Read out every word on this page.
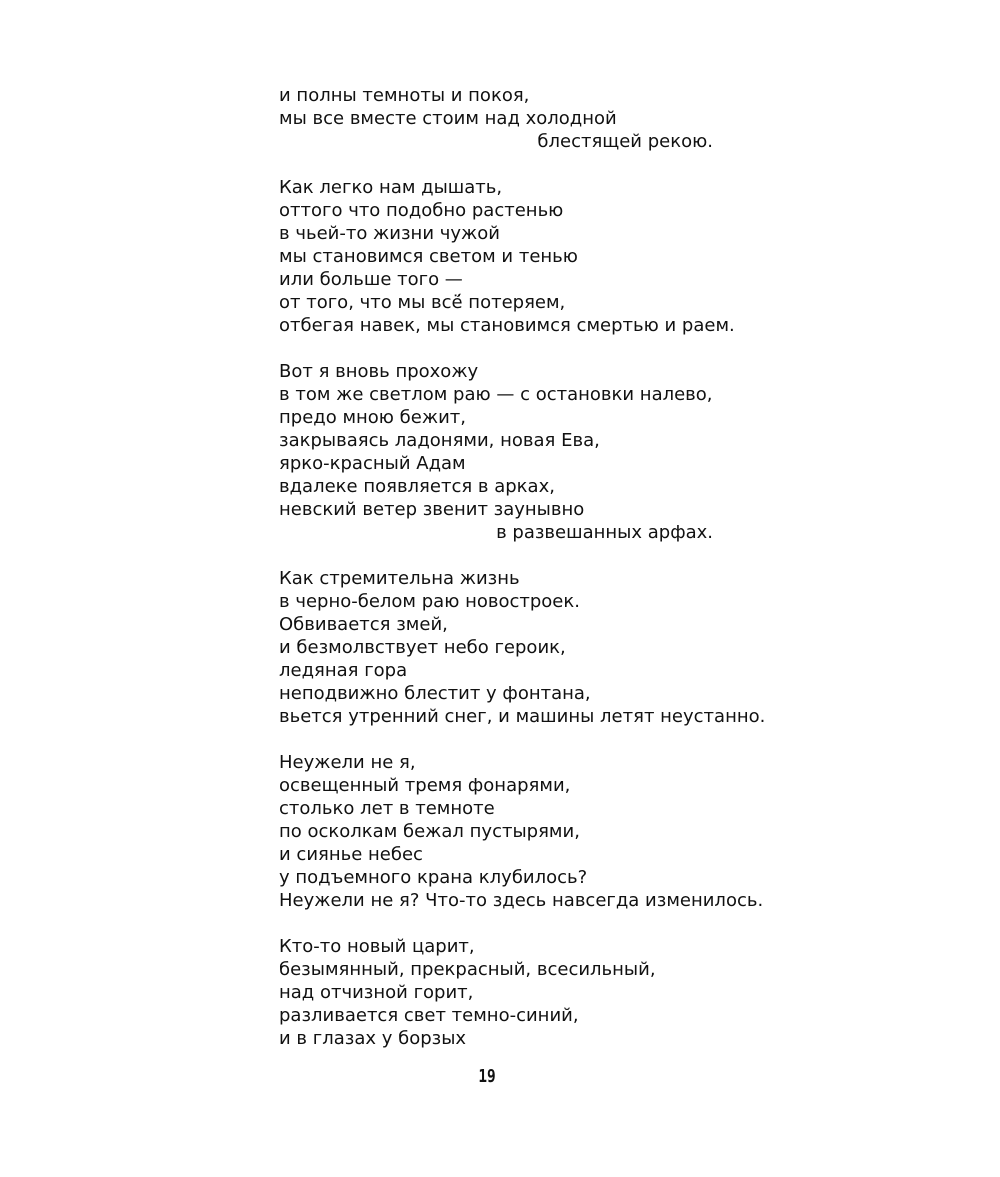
и полны темноты и покоя,
мы все вместе стоим над холодной
блестящей рекою.
Как легко нам дышать,
оттого что подобно растенью
в чьей-то жизни чужой
мы становимся светом и тенью
или больше того —
от того, что мы всё́ потеряем,
отбегая навек, мы становимся смертью и раем.
Вот я вновь прохожу
в том же светлом раю — с остановки налево,
предо мною бежит,
закрываясь ладонями, новая Ева,
ярко-красный Адам
вдалеке появляется в арках,
невский ветер звенит заунывно
в развешанных арфах.
Как стремительна жизнь
в черно-белом раю новостроек.
Обвивается змей,
и безмолвствует небо героик,
ледяная гора
неподвижно блестит у фонтана,
вьется утренний снег, и машины летят неустанно.
Неужели не я,
освещенный тремя фонарями,
столько лет в темноте
по осколкам бежал пустырями,
и сиянье небес
у подъемного крана клубилось?
Неужели не я? Что-то здесь навсегда изменилось.
Кто-то новый царит,
безымянный, прекрасный, всесильный,
над отчизной горит,
разливается свет темно-синий,
и в глазах у борзых
19
